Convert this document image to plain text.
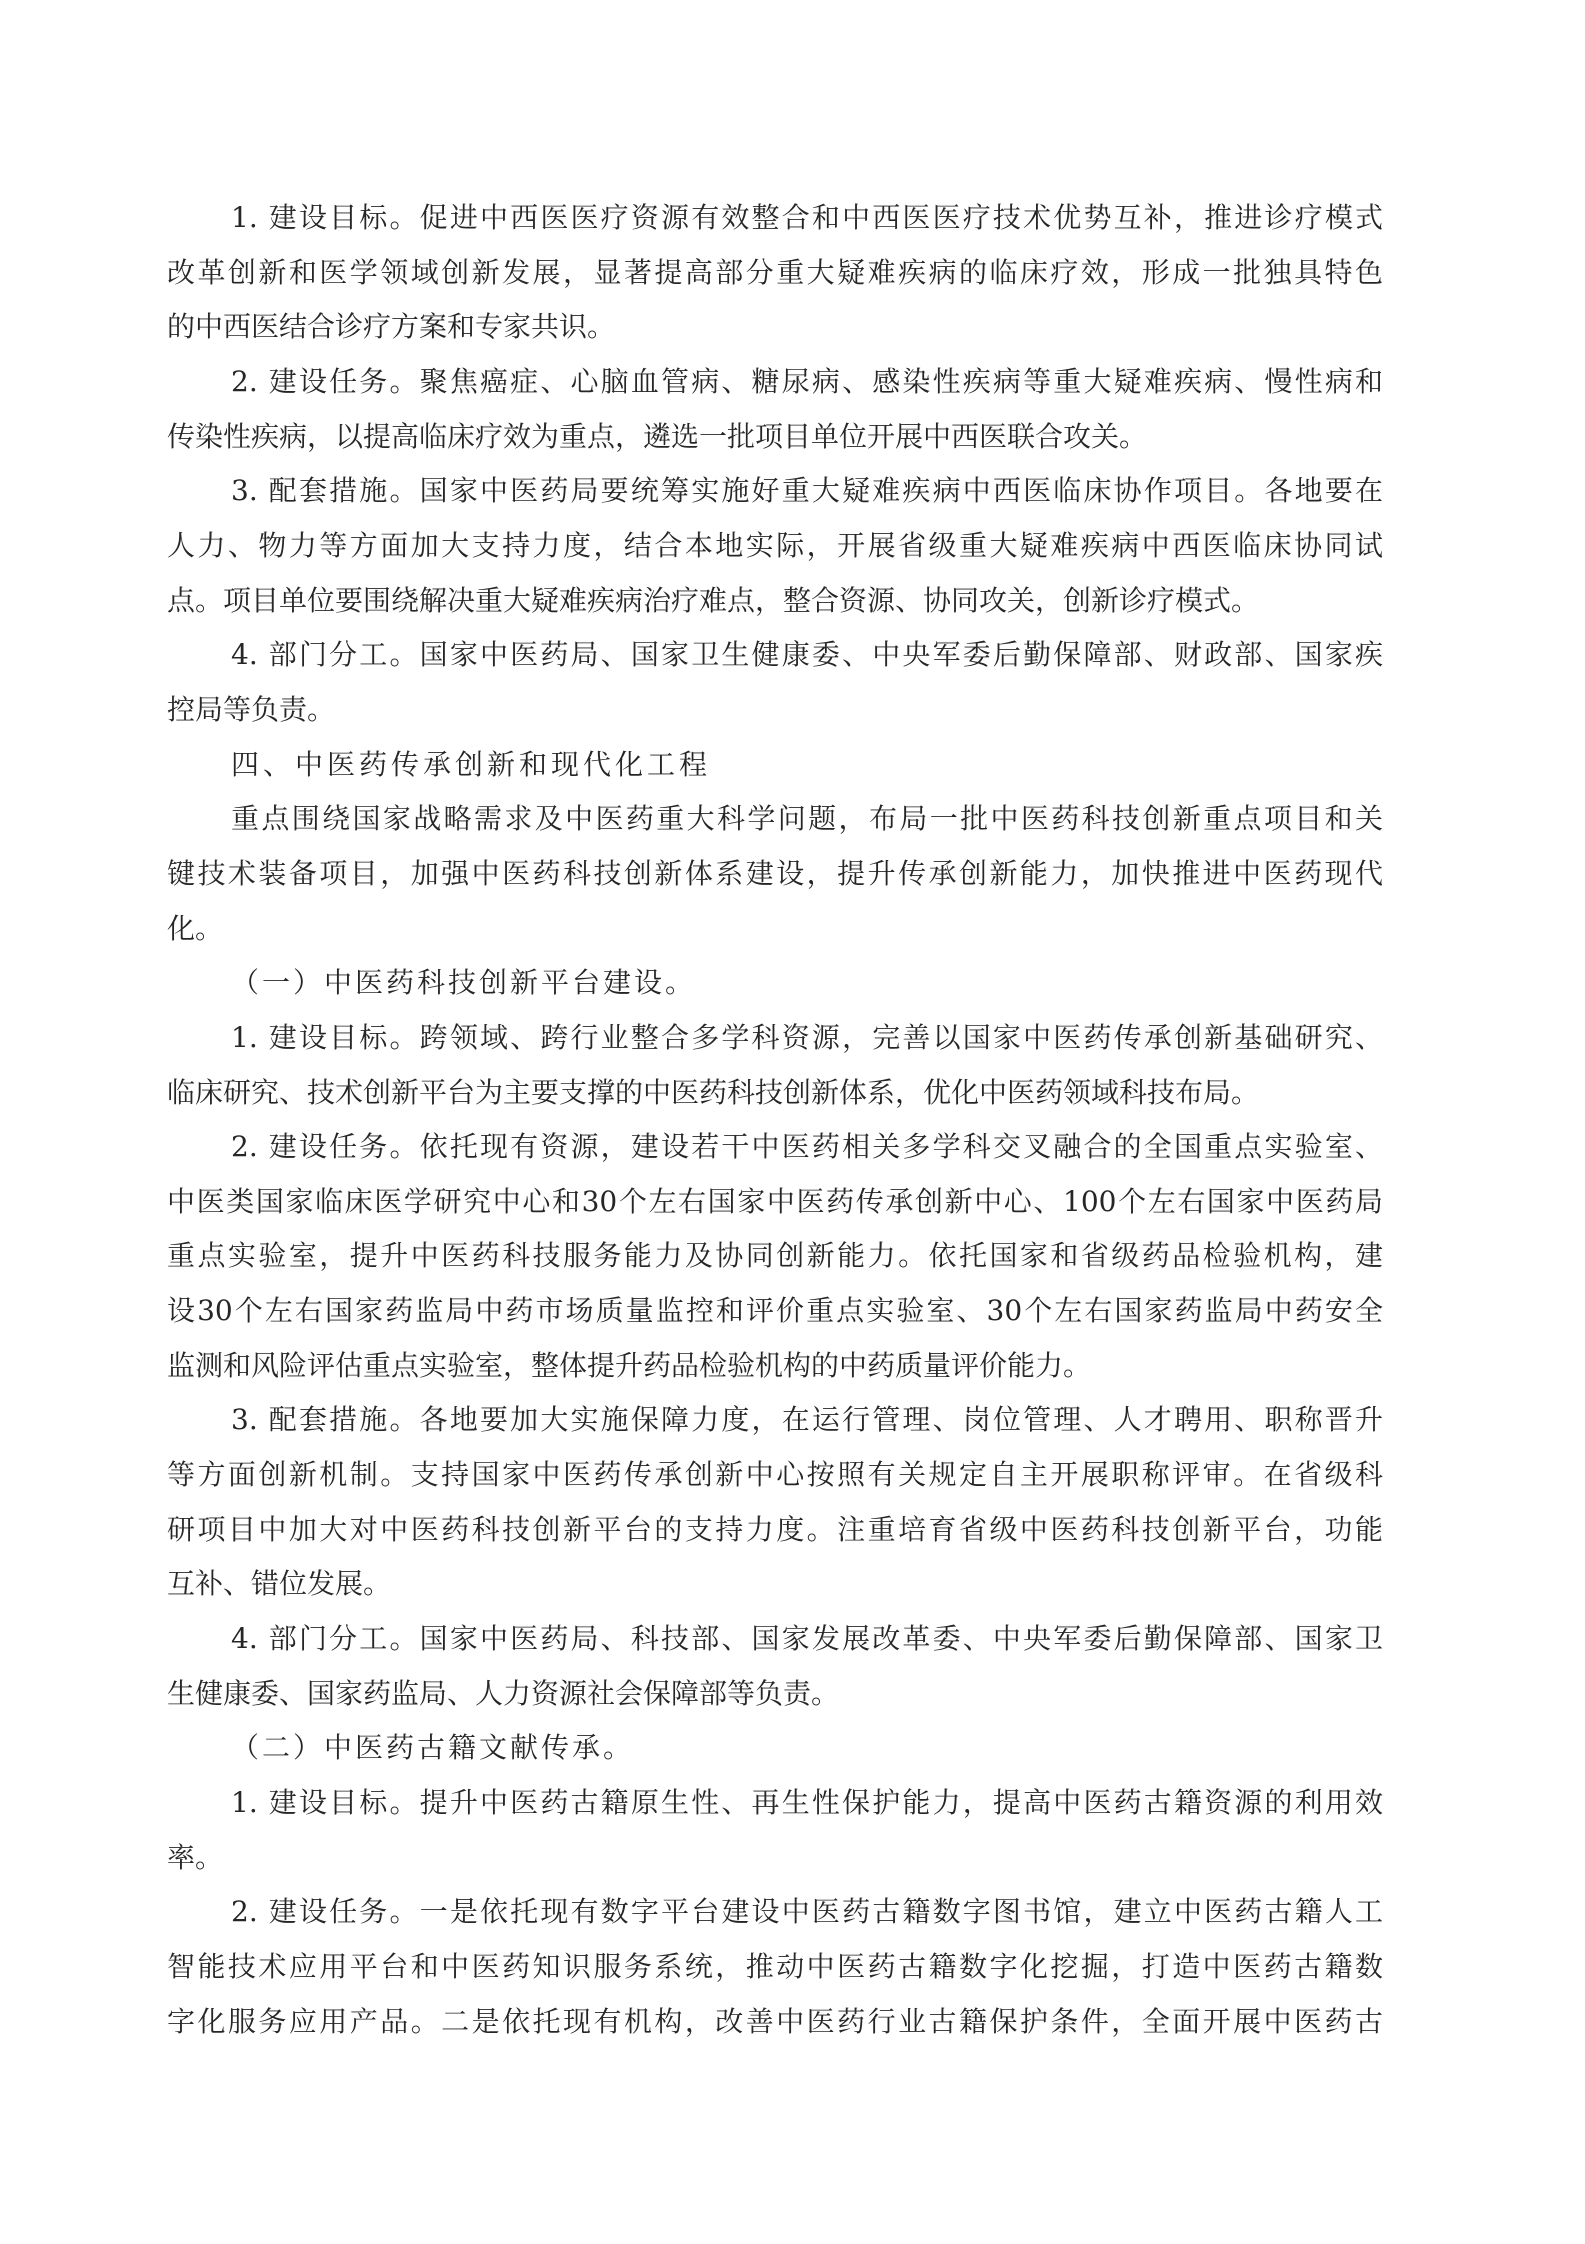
1. 建设目标。促进中西医医疗资源有效整合和中西医医疗技术优势互补，推进诊疗模式
改革创新和医学领域创新发展，显著提高部分重大疑难疾病的临床疗效，形成一批独具特色
的中西医结合诊疗方案和专家共识。
2. 建设任务。聚焦癌症、心脑血管病、糖尿病、感染性疾病等重大疑难疾病、慢性病和
传染性疾病，以提高临床疗效为重点，遴选一批项目单位开展中西医联合攻关。
3. 配套措施。国家中医药局要统筹实施好重大疑难疾病中西医临床协作项目。各地要在
人力、物力等方面加大支持力度，结合本地实际，开展省级重大疑难疾病中西医临床协同试
点。项目单位要围绕解决重大疑难疾病治疗难点，整合资源、协同攻关，创新诊疗模式。
4. 部门分工。国家中医药局、国家卫生健康委、中央军委后勤保障部、财政部、国家疾
控局等负责。
四、中医药传承创新和现代化工程
重点围绕国家战略需求及中医药重大科学问题，布局一批中医药科技创新重点项目和关
键技术装备项目，加强中医药科技创新体系建设，提升传承创新能力，加快推进中医药现代
化。
（一）中医药科技创新平台建设。
1. 建设目标。跨领域、跨行业整合多学科资源，完善以国家中医药传承创新基础研究、
临床研究、技术创新平台为主要支撑的中医药科技创新体系，优化中医药领域科技布局。
2. 建设任务。依托现有资源，建设若干中医药相关多学科交叉融合的全国重点实验室、
中医类国家临床医学研究中心和30个左右国家中医药传承创新中心、100个左右国家中医药局
重点实验室，提升中医药科技服务能力及协同创新能力。依托国家和省级药品检验机构，建
设30个左右国家药监局中药市场质量监控和评价重点实验室、30个左右国家药监局中药安全
监测和风险评估重点实验室，整体提升药品检验机构的中药质量评价能力。
3. 配套措施。各地要加大实施保障力度，在运行管理、岗位管理、人才聘用、职称晋升
等方面创新机制。支持国家中医药传承创新中心按照有关规定自主开展职称评审。在省级科
研项目中加大对中医药科技创新平台的支持力度。注重培育省级中医药科技创新平台，功能
互补、错位发展。
4. 部门分工。国家中医药局、科技部、国家发展改革委、中央军委后勤保障部、国家卫
生健康委、国家药监局、人力资源社会保障部等负责。
（二）中医药古籍文献传承。
1. 建设目标。提升中医药古籍原生性、再生性保护能力，提高中医药古籍资源的利用效
率。
2. 建设任务。一是依托现有数字平台建设中医药古籍数字图书馆，建立中医药古籍人工
智能技术应用平台和中医药知识服务系统，推动中医药古籍数字化挖掘，打造中医药古籍数
字化服务应用产品。二是依托现有机构，改善中医药行业古籍保护条件，全面开展中医药古
